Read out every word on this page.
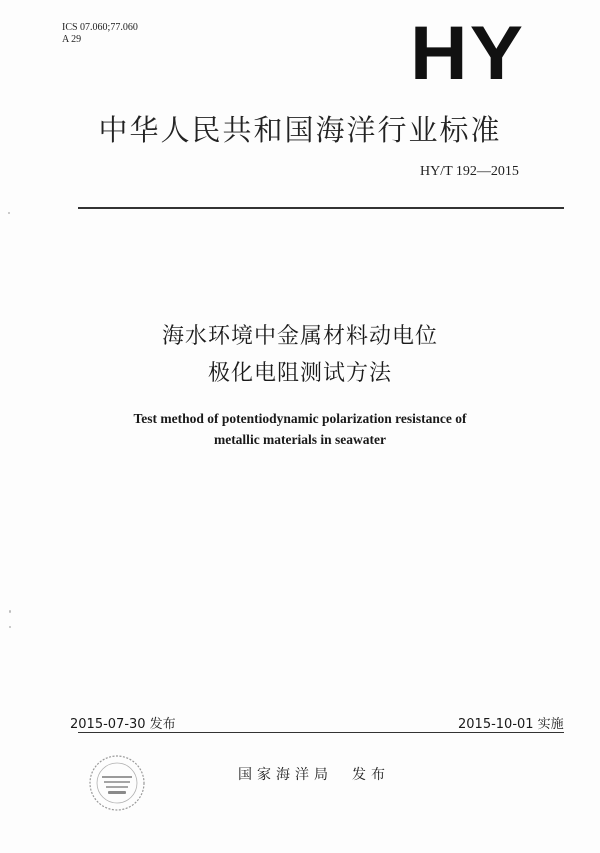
ICS 07.060;77.060
A 29	HY
中华人民共和国海洋行业标准
HY/T 192—2015
海水环境中金属材料动电位
极化电阻测试方法
Test method of potentiodynamic polarization resistance of
metallic materials in seawater
2015-07-30 发布	2015-10-01 实施
国家海洋局　发布
